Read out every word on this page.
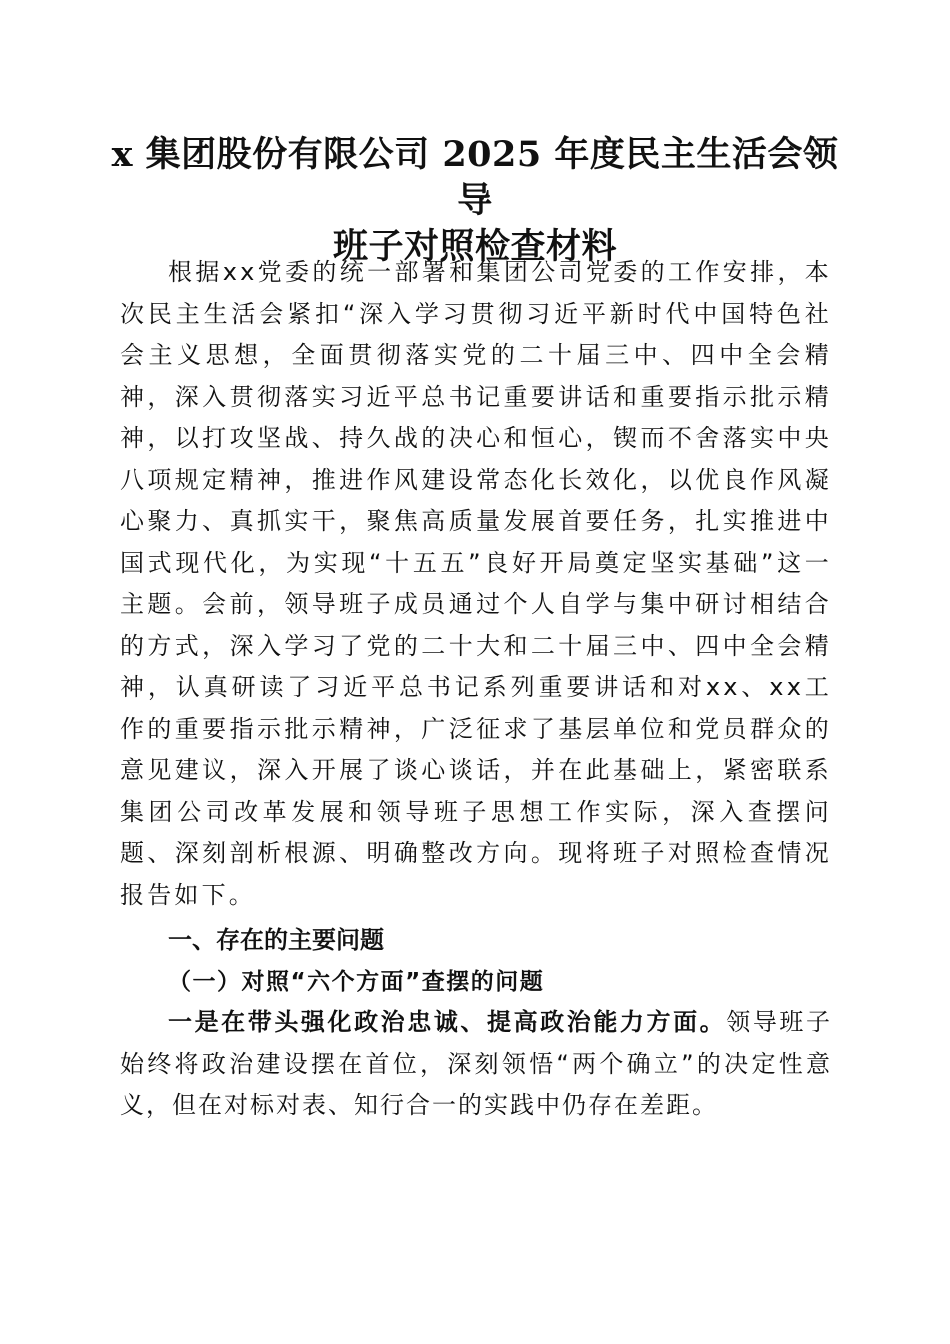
x 集团股份有限公司 2025 年度民主生活会领导
班子对照检查材料

根据xx党委的统一部署和集团公司党委的工作安排，本次民主生活会紧扣“深入学习贯彻习近平新时代中国特色社会主义思想，全面贯彻落实党的二十届三中、四中全会精神，深入贯彻落实习近平总书记重要讲话和重要指示批示精神，以打攻坚战、持久战的决心和恒心，锲而不舍落实中央八项规定精神，推进作风建设常态化长效化，以优良作风凝心聚力、真抓实干，聚焦高质量发展首要任务，扎实推进中国式现代化，为实现“十五五”良好开局奠定坚实基础”这一主题。会前，领导班子成员通过个人自学与集中研讨相结合的方式，深入学习了党的二十大和二十届三中、四中全会精神，认真研读了习近平总书记系列重要讲话和对xx、xx工作的重要指示批示精神，广泛征求了基层单位和党员群众的意见建议，深入开展了谈心谈话，并在此基础上，紧密联系集团公司改革发展和领导班子思想工作实际，深入查摆问题、深刻剖析根源、明确整改方向。现将班子对照检查情况报告如下。

一、存在的主要问题
（一）对照“六个方面”查摆的问题

一是在带头强化政治忠诚、提高政治能力方面。领导班子始终将政治建设摆在首位，深刻领悟“两个确立”的决定性意义，但在对标对表、知行合一的实践中仍存在差距。
